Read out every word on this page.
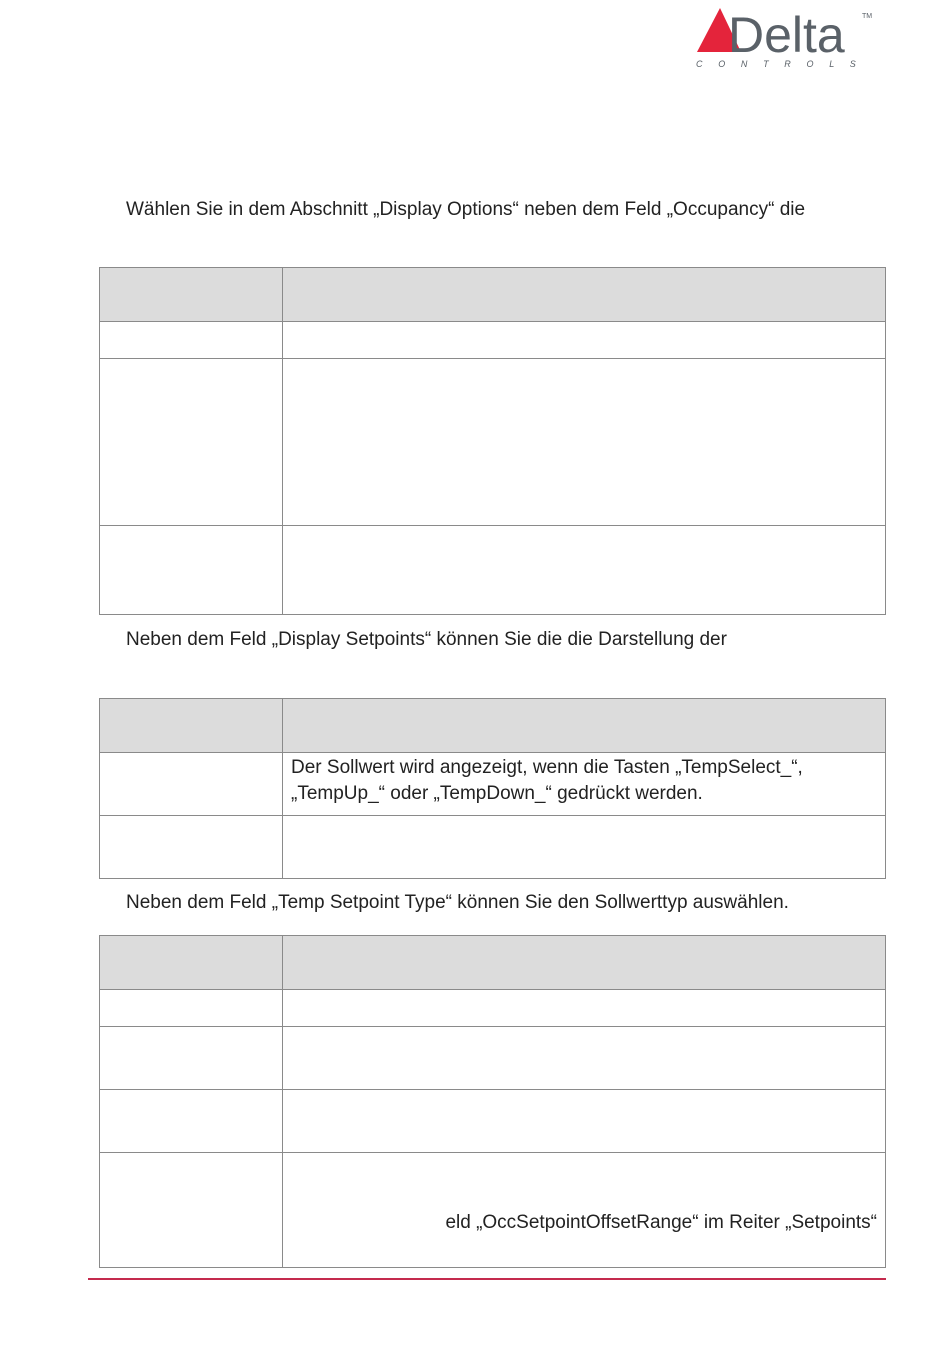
Delta TM
C O N T R O L S
Wählen Sie in dem Abschnitt „Display Options“ neben dem Feld „Occupancy“ die

Neben dem Feld „Display Setpoints“ können Sie die die Darstellung der

	Der Sollwert wird angezeigt, wenn die Tasten „TempSelect_“, „TempUp_“ oder „TempDown_“ gedrückt werden.

Neben dem Feld „Temp Setpoint Type“ können Sie den Sollwerttyp auswählen.

	eld „OccSetpointOffsetRange“ im Reiter „Setpoints“
